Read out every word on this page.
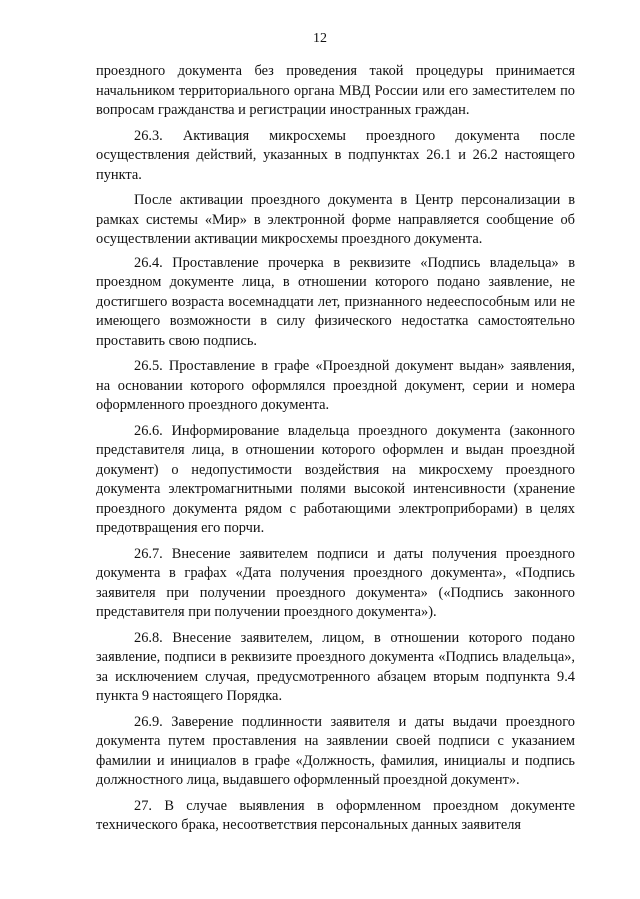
12

проездного документа без проведения такой процедуры принимается начальником территориального органа МВД России или его заместителем по вопросам гражданства и регистрации иностранных граждан.

26.3. Активация микросхемы проездного документа после осуществления действий, указанных в подпунктах 26.1 и 26.2 настоящего пункта.

После активации проездного документа в Центр персонализации в рамках системы «Мир» в электронной форме направляется сообщение об осуществлении активации микросхемы проездного документа.

26.4. Проставление прочерка в реквизите «Подпись владельца» в проездном документе лица, в отношении которого подано заявление, не достигшего возраста восемнадцати лет, признанного недееспособным или не имеющего возможности в силу физического недостатка самостоятельно проставить свою подпись.

26.5. Проставление в графе «Проездной документ выдан» заявления, на основании которого оформлялся проездной документ, серии и номера оформленного проездного документа.

26.6. Информирование владельца проездного документа (законного представителя лица, в отношении которого оформлен и выдан проездной документ) о недопустимости воздействия на микросхему проездного документа электромагнитными полями высокой интенсивности (хранение проездного документа рядом с работающими электроприборами) в целях предотвращения его порчи.

26.7. Внесение заявителем подписи и даты получения проездного документа в графах «Дата получения проездного документа», «Подпись заявителя при получении проездного документа» («Подпись законного представителя при получении проездного документа»).

26.8. Внесение заявителем, лицом, в отношении которого подано заявление, подписи в реквизите проездного документа «Подпись владельца», за исключением случая, предусмотренного абзацем вторым подпункта 9.4 пункта 9 настоящего Порядка.

26.9. Заверение подлинности заявителя и даты выдачи проездного документа путем проставления на заявлении своей подписи с указанием фамилии и инициалов в графе «Должность, фамилия, инициалы и подпись должностного лица, выдавшего оформленный проездной документ».

27. В случае выявления в оформленном проездном документе технического брака, несоответствия персональных данных заявителя
